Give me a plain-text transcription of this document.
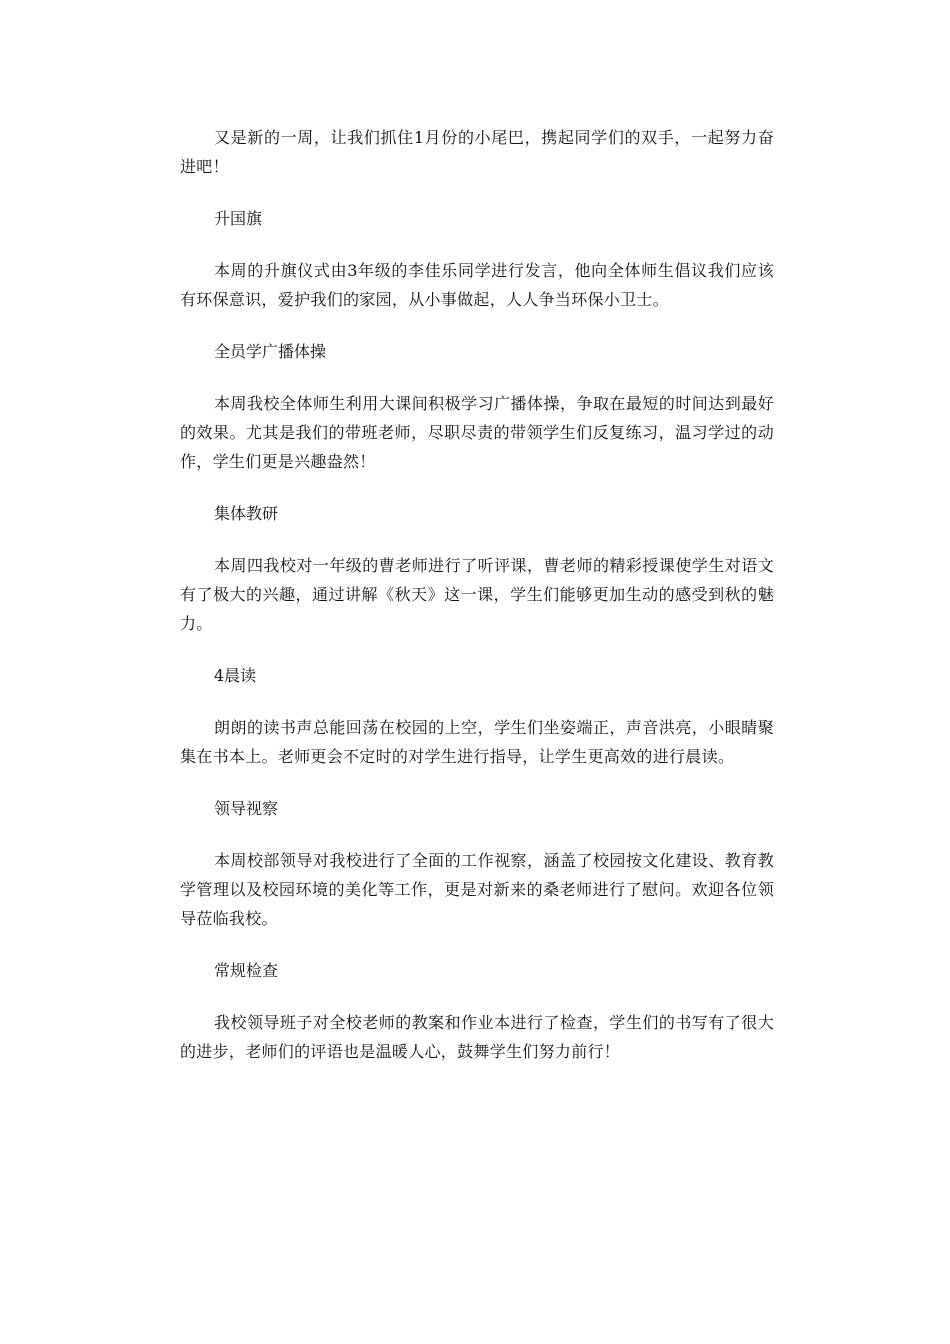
又是新的一周，让我们抓住1月份的小尾巴，携起同学们的双手，一起努力奋进吧！

升国旗

本周的升旗仪式由3年级的李佳乐同学进行发言，他向全体师生倡议我们应该有环保意识，爱护我们的家园，从小事做起，人人争当环保小卫士。

全员学广播体操

本周我校全体师生利用大课间积极学习广播体操，争取在最短的时间达到最好的效果。尤其是我们的带班老师，尽职尽责的带领学生们反复练习，温习学过的动作，学生们更是兴趣盎然！

集体教研

本周四我校对一年级的曹老师进行了听评课，曹老师的精彩授课使学生对语文有了极大的兴趣，通过讲解《秋天》这一课，学生们能够更加生动的感受到秋的魅力。

4晨读

朗朗的读书声总能回荡在校园的上空，学生们坐姿端正，声音洪亮，小眼睛聚集在书本上。老师更会不定时的对学生进行指导，让学生更高效的进行晨读。

领导视察

本周校部领导对我校进行了全面的工作视察，涵盖了校园按文化建设、教育教学管理以及校园环境的美化等工作，更是对新来的桑老师进行了慰问。欢迎各位领导莅临我校。

常规检查

我校领导班子对全校老师的教案和作业本进行了检查，学生们的书写有了很大的进步，老师们的评语也是温暖人心，鼓舞学生们努力前行！
